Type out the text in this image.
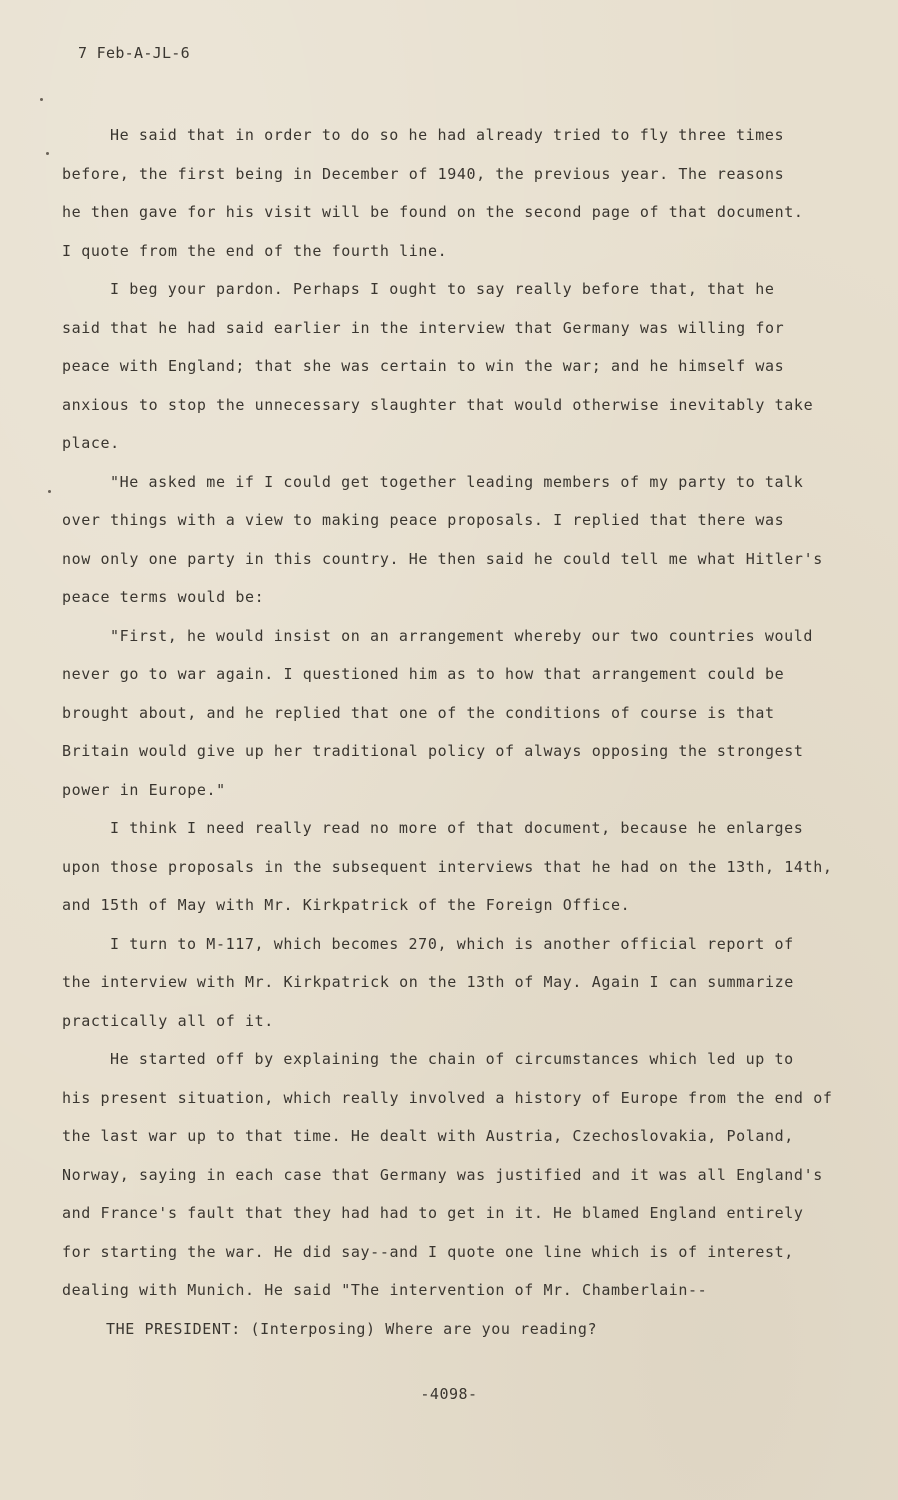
7 Feb-A-JL-6

He said that in order to do so he had already tried to fly three times
before, the first being in December of 1940, the previous year. The reasons
he then gave for his visit will be found on the second page of that document.
I quote from the end of the fourth line.

I beg your pardon. Perhaps I ought to say really before that, that he
said that he had said earlier in the interview that Germany was willing for
peace with England; that she was certain to win the war; and he himself was
anxious to stop the unnecessary slaughter that would otherwise inevitably take
place.

"He asked me if I could get together leading members of my party to talk
over things with a view to making peace proposals. I replied that there was
now only one party in this country. He then said he could tell me what Hitler's
peace terms would be:

"First, he would insist on an arrangement whereby our two countries would
never go to war again. I questioned him as to how that arrangement could be
brought about, and he replied that one of the conditions of course is that
Britain would give up her traditional policy of always opposing the strongest
power in Europe."

I think I need really read no more of that document, because he enlarges
upon those proposals in the subsequent interviews that he had on the 13th, 14th,
and 15th of May with Mr. Kirkpatrick of the Foreign Office.

I turn to M-117, which becomes 270, which is another official report of
the interview with Mr. Kirkpatrick on the 13th of May. Again I can summarize
practically all of it.

He started off by explaining the chain of circumstances which led up to
his present situation, which really involved a history of Europe from the end of
the last war up to that time. He dealt with Austria, Czechoslovakia, Poland,
Norway, saying in each case that Germany was justified and it was all England's
and France's fault that they had had to get in it. He blamed England entirely
for starting the war. He did say--and I quote one line which is of interest,
dealing with Munich. He said "The intervention of Mr. Chamberlain--

THE PRESIDENT: (Interposing) Where are you reading?

-4098-
